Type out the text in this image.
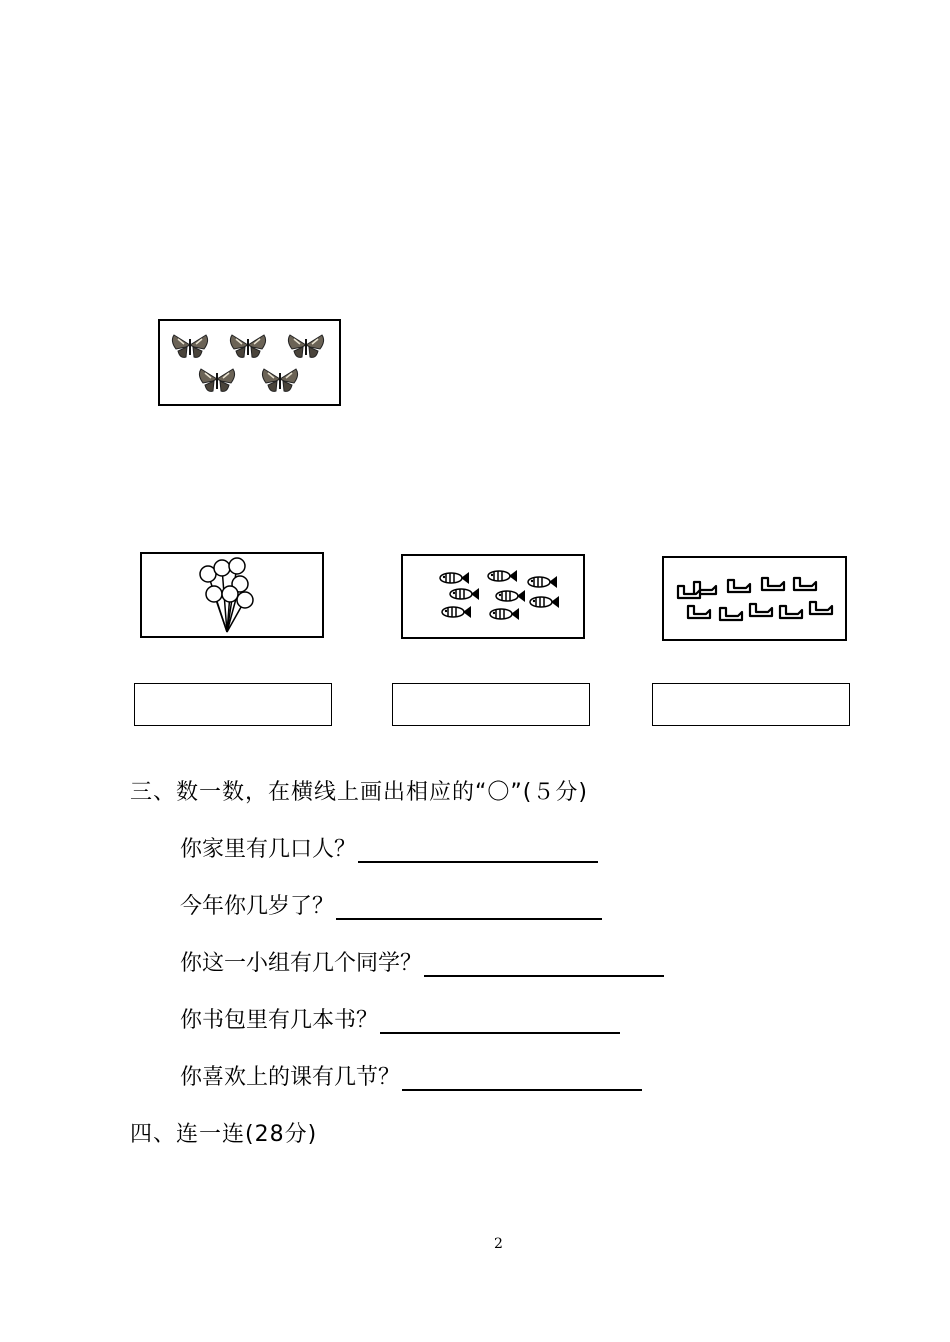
三、数一数，在横线上画出相应的“〇”(５分)
你家里有几口人？
今年你几岁了？
你这一小组有几个同学？
你书包里有几本书？
你喜欢上的课有几节？
四、连一连(28分)
2
